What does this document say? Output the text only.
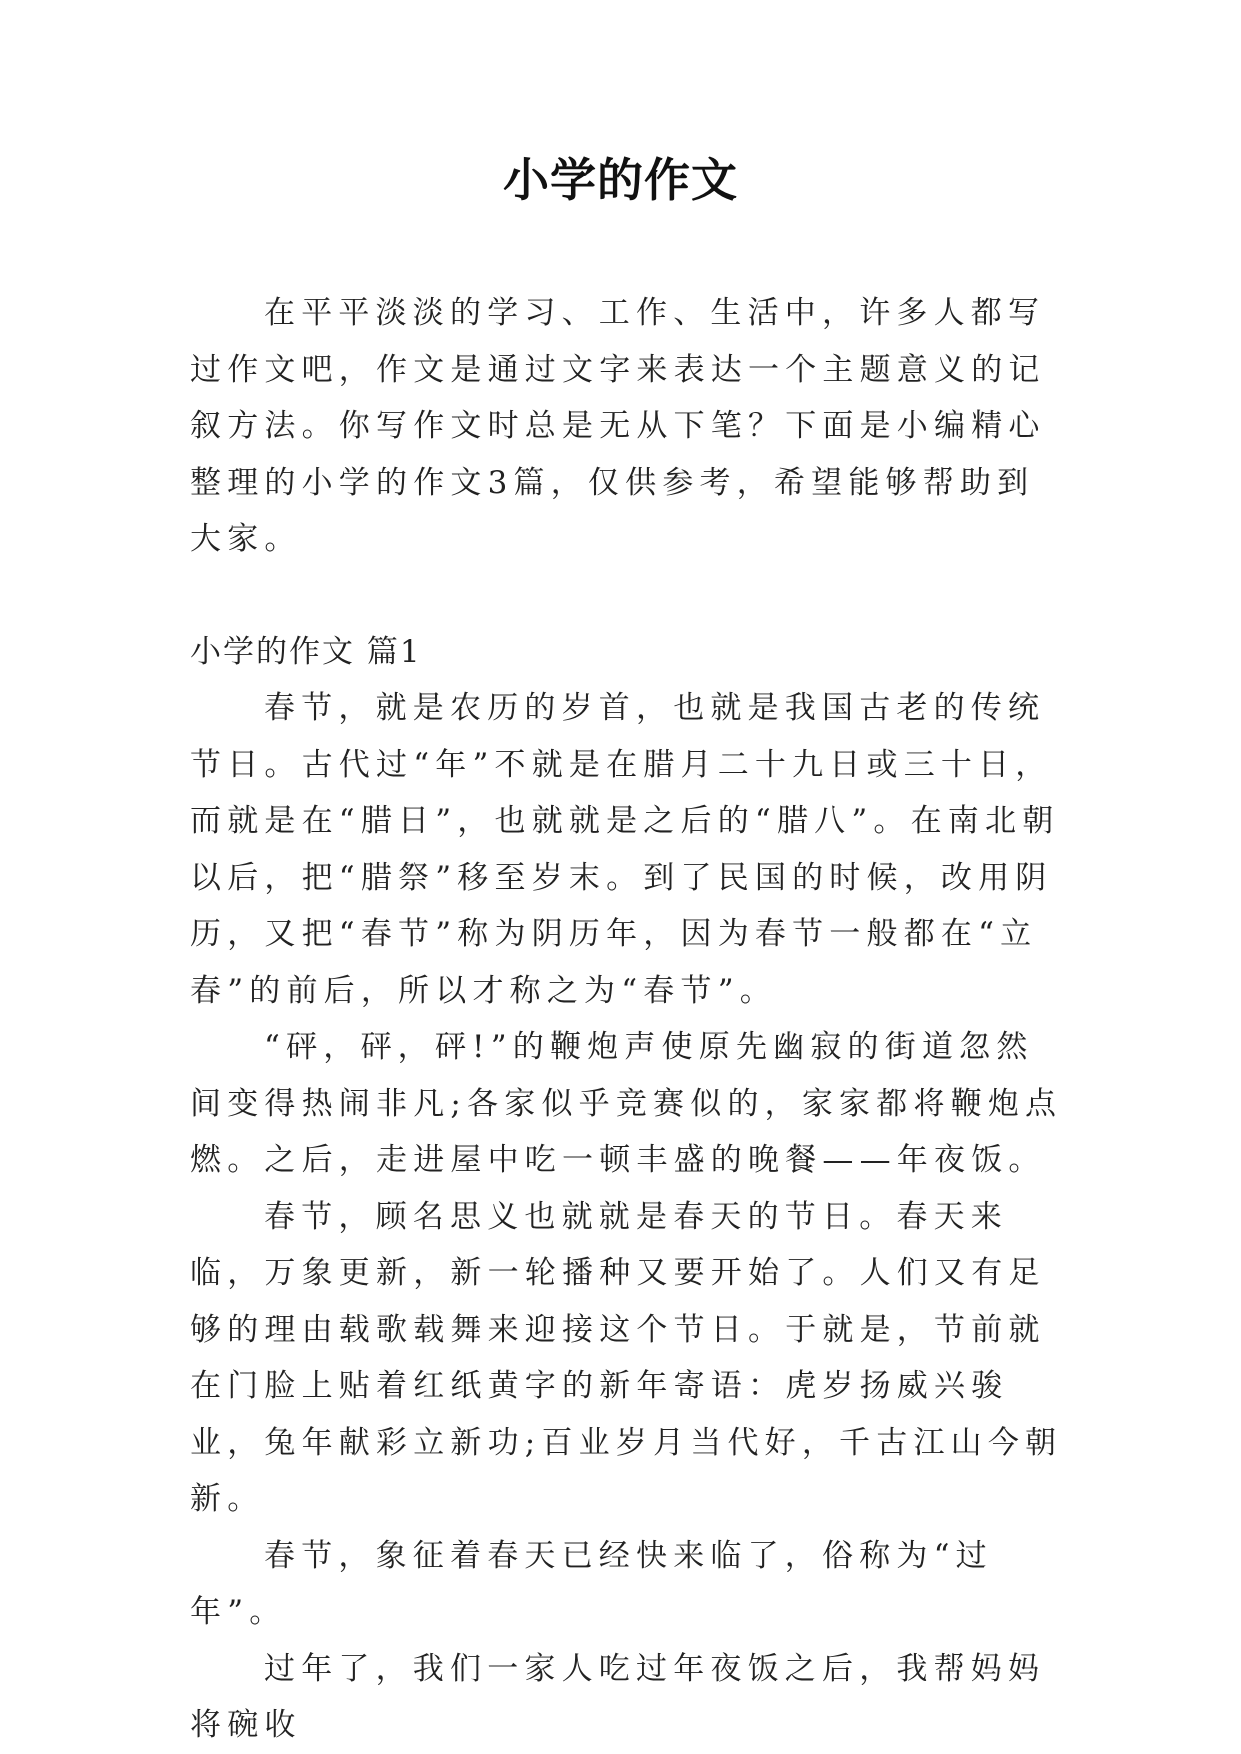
小学的作文

在平平淡淡的学习、工作、生活中，许多人都写过作文吧，作文是通过文字来表达一个主题意义的记叙方法。你写作文时总是无从下笔？下面是小编精心整理的小学的作文3篇，仅供参考，希望能够帮助到大家。

小学的作文 篇1

春节，就是农历的岁首，也就是我国古老的传统节日。古代过“年”不就是在腊月二十九日或三十日，而就是在“腊日”，也就就是之后的“腊八”。在南北朝以后，把“腊祭”移至岁末。到了民国的时候，改用阴历，又把“春节”称为阴历年，因为春节一般都在“立春”的前后，所以才称之为“春节”。

“砰，砰，砰!”的鞭炮声使原先幽寂的街道忽然间变得热闹非凡;各家似乎竞赛似的，家家都将鞭炮点燃。之后，走进屋中吃一顿丰盛的晚餐——年夜饭。

春节，顾名思义也就就是春天的节日。春天来临，万象更新，新一轮播种又要开始了。人们又有足够的理由载歌载舞来迎接这个节日。于就是，节前就在门脸上贴着红纸黄字的新年寄语：虎岁扬威兴骏业，兔年献彩立新功;百业岁月当代好，千古江山今朝新。

春节，象征着春天已经快来临了，俗称为“过年”。

过年了，我们一家人吃过年夜饭之后，我帮妈妈将碗收
